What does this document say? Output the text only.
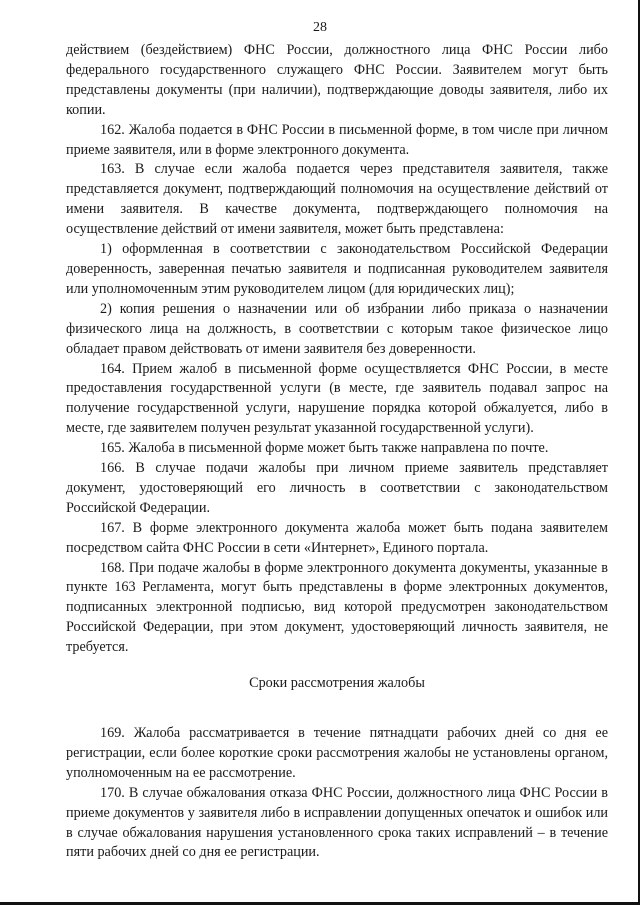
28

действием (бездействием) ФНС России, должностного лица ФНС России либо федерального государственного служащего ФНС России. Заявителем могут быть представлены документы (при наличии), подтверждающие доводы заявителя, либо их копии.

162. Жалоба подается в ФНС России в письменной форме, в том числе при личном приеме заявителя, или в форме электронного документа.

163. В случае если жалоба подается через представителя заявителя, также представляется документ, подтверждающий полномочия на осуществление действий от имени заявителя. В качестве документа, подтверждающего полномочия на осуществление действий от имени заявителя, может быть представлена:

1) оформленная в соответствии с законодательством Российской Федерации доверенность, заверенная печатью заявителя и подписанная руководителем заявителя или уполномоченным этим руководителем лицом (для юридических лиц);

2) копия решения о назначении или об избрании либо приказа о назначении физического лица на должность, в соответствии с которым такое физическое лицо обладает правом действовать от имени заявителя без доверенности.

164. Прием жалоб в письменной форме осуществляется ФНС России, в месте предоставления государственной услуги (в месте, где заявитель подавал запрос на получение государственной услуги, нарушение порядка которой обжалуется, либо в месте, где заявителем получен результат указанной государственной услуги).

165. Жалоба в письменной форме может быть также направлена по почте.

166. В случае подачи жалобы при личном приеме заявитель представляет документ, удостоверяющий его личность в соответствии с законодательством Российской Федерации.

167. В форме электронного документа жалоба может быть подана заявителем посредством сайта ФНС России в сети «Интернет», Единого портала.

168. При подаче жалобы в форме электронного документа документы, указанные в пункте 163 Регламента, могут быть представлены в форме электронных документов, подписанных электронной подписью, вид которой предусмотрен законодательством Российской Федерации, при этом документ, удостоверяющий личность заявителя, не требуется.

Сроки рассмотрения жалобы

169. Жалоба рассматривается в течение пятнадцати рабочих дней со дня ее регистрации, если более короткие сроки рассмотрения жалобы не установлены органом, уполномоченным на ее рассмотрение.

170. В случае обжалования отказа ФНС России, должностного лица ФНС России в приеме документов у заявителя либо в исправлении допущенных опечаток и ошибок или в случае обжалования нарушения установленного срока таких исправлений – в течение пяти рабочих дней со дня ее регистрации.
